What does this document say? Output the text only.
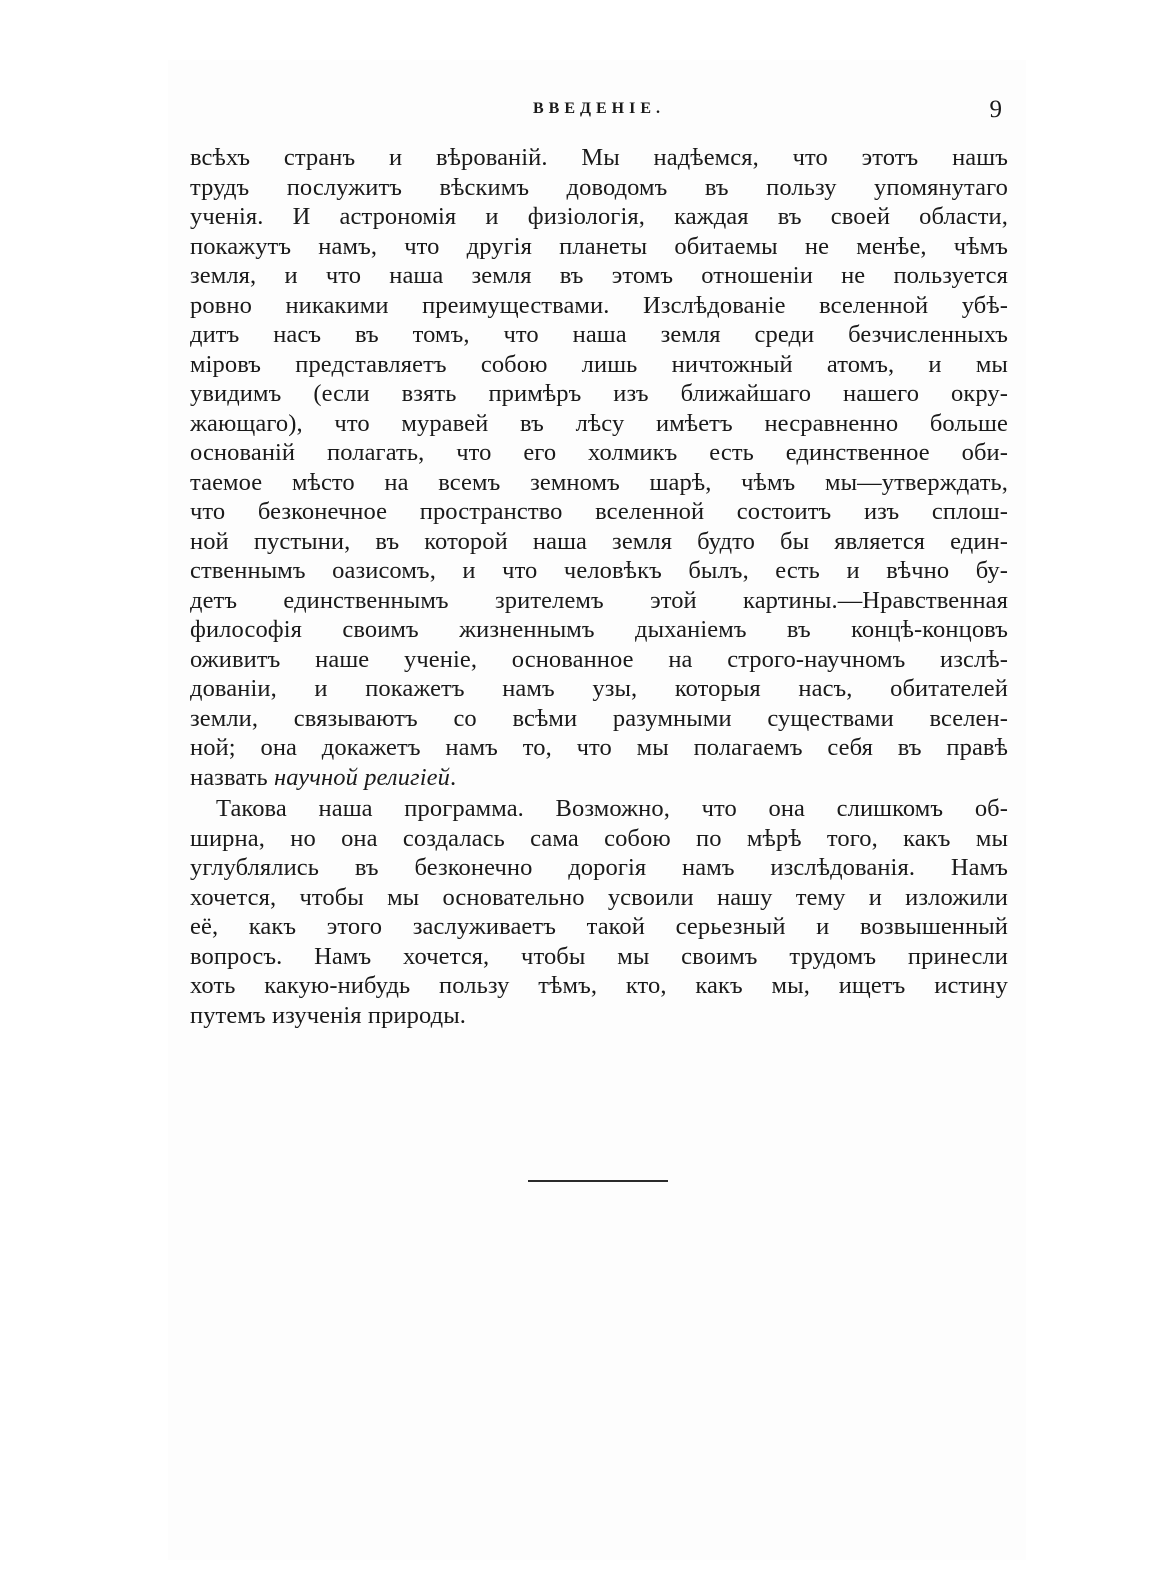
ВВЕДЕНІЕ.	9
всѣхъ странъ и вѣрованій. Мы надѣемся, что этотъ нашъ
трудъ послужитъ вѣскимъ доводомъ въ пользу упомянутаго
ученія. И астрономія и физіологія, каждая въ своей области,
покажутъ намъ, что другія планеты обитаемы не менѣе, чѣмъ
земля, и что наша земля въ этомъ отношеніи не пользуется
ровно никакими преимуществами. Изслѣдованіе вселенной убѣ-
дитъ насъ въ томъ, что наша земля среди безчисленныхъ
міровъ представляетъ собою лишь ничтожный атомъ, и мы
увидимъ (если взять примѣръ изъ ближайшаго нашего окру-
жающаго), что муравей въ лѣсу имѣетъ несравненно больше
основаній полагать, что его холмикъ есть единственное оби-
таемое мѣсто на всемъ земномъ шарѣ, чѣмъ мы—утверждать,
что безконечное пространство вселенной состоитъ изъ сплош-
ной пустыни, въ которой наша земля будто бы является един-
ственнымъ оазисомъ, и что человѣкъ былъ, есть и вѣчно бу-
детъ единственнымъ зрителемъ этой картины.—Нравственная
философія своимъ жизненнымъ дыханіемъ въ концѣ-концовъ
оживитъ наше ученіе, основанное на строго-научномъ изслѣ-
дованіи, и покажетъ намъ узы, которыя насъ, обитателей
земли, связываютъ со всѣми разумными существами вселен-
ной; она докажетъ намъ то, что мы полагаемъ себя въ правѣ
назвать научной религіей.
Такова наша программа. Возможно, что она слишкомъ об-
ширна, но она создалась сама собою по мѣрѣ того, какъ мы
углублялись въ безконечно дорогія намъ изслѣдованія. Намъ
хочется, чтобы мы основательно усвоили нашу тему и изложили
её, какъ этого заслуживаетъ такой серьезный и возвышенный
вопросъ. Намъ хочется, чтобы мы своимъ трудомъ принесли
хоть какую-нибудь пользу тѣмъ, кто, какъ мы, ищетъ истину
путемъ изученія природы.
